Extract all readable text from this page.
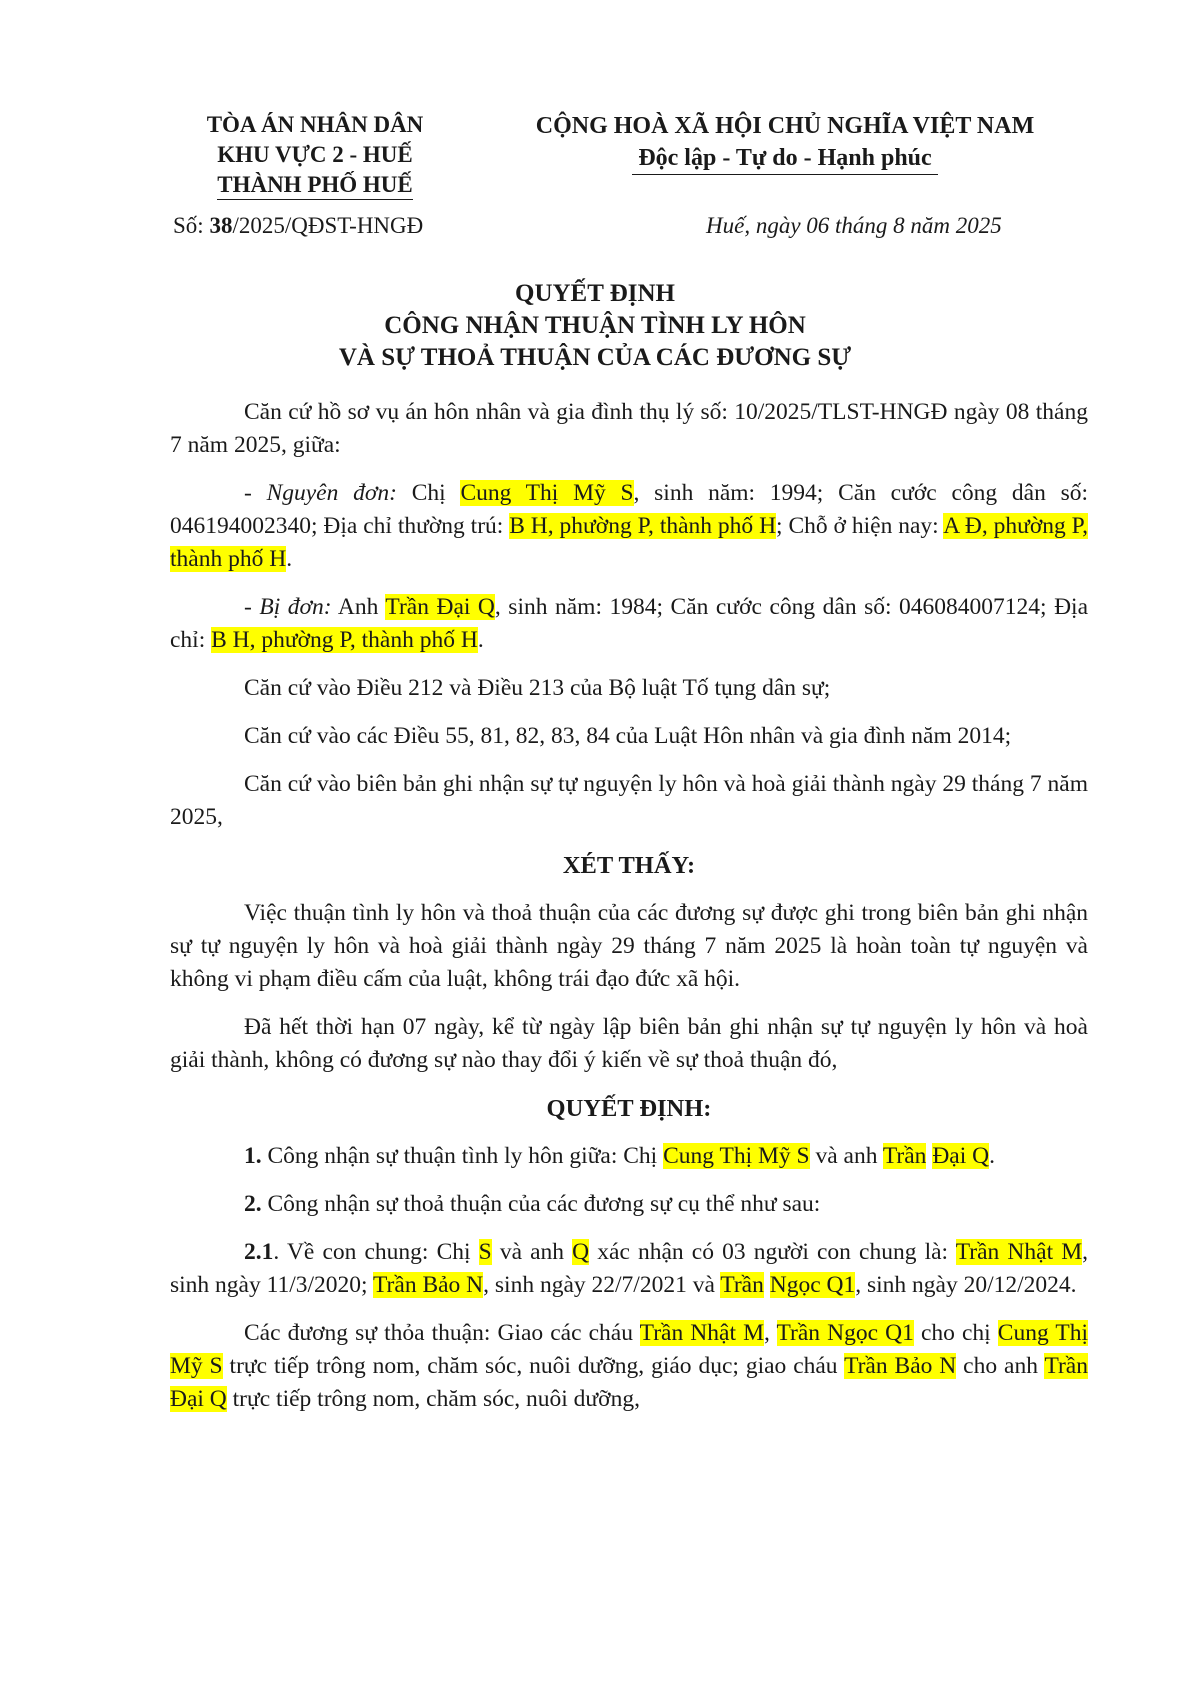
TÒA ÁN NHÂN DÂN
KHU VỰC 2 - HUẾ
THÀNH PHỐ HUẾ
CỘNG HOÀ XÃ HỘI CHỦ NGHĨA VIỆT NAM
Độc lập - Tự do - Hạnh phúc
Số: 38/2025/QĐST-HNGĐ	Huế, ngày 06 tháng 8 năm 2025
QUYẾT ĐỊNH
CÔNG NHẬN THUẬN TÌNH LY HÔN
VÀ SỰ THOẢ THUẬN CỦA CÁC ĐƯƠNG SỰ

Căn cứ hồ sơ vụ án hôn nhân và gia đình thụ lý số: 10/2025/TLST-HNGĐ ngày 08 tháng 7 năm 2025, giữa:

- Nguyên đơn: Chị Cung Thị Mỹ S, sinh năm: 1994; Căn cước công dân số: 046194002340; Địa chỉ thường trú: B H, phường P, thành phố H; Chỗ ở hiện nay: A Đ, phường P, thành phố H.

- Bị đơn: Anh Trần Đại Q, sinh năm: 1984; Căn cước công dân số: 046084007124; Địa chỉ: B H, phường P, thành phố H.

Căn cứ vào Điều 212 và Điều 213 của Bộ luật Tố tụng dân sự;

Căn cứ vào các Điều 55, 81, 82, 83, 84 của Luật Hôn nhân và gia đình năm 2014;

Căn cứ vào biên bản ghi nhận sự tự nguyện ly hôn và hoà giải thành ngày 29 tháng 7 năm 2025,

XÉT THẤY:

Việc thuận tình ly hôn và thoả thuận của các đương sự được ghi trong biên bản ghi nhận sự tự nguyện ly hôn và hoà giải thành ngày 29 tháng 7 năm 2025 là hoàn toàn tự nguyện và không vi phạm điều cấm của luật, không trái đạo đức xã hội.

Đã hết thời hạn 07 ngày, kể từ ngày lập biên bản ghi nhận sự tự nguyện ly hôn và hoà giải thành, không có đương sự nào thay đổi ý kiến về sự thoả thuận đó,

QUYẾT ĐỊNH:

1. Công nhận sự thuận tình ly hôn giữa: Chị Cung Thị Mỹ S và anh Trần Đại Q.

2. Công nhận sự thoả thuận của các đương sự cụ thể như sau:

2.1. Về con chung: Chị S và anh Q xác nhận có 03 người con chung là: Trần Nhật M, sinh ngày 11/3/2020; Trần Bảo N, sinh ngày 22/7/2021 và Trần Ngọc Q1, sinh ngày 20/12/2024.

Các đương sự thỏa thuận: Giao các cháu Trần Nhật M, Trần Ngọc Q1 cho chị Cung Thị Mỹ S trực tiếp trông nom, chăm sóc, nuôi dưỡng, giáo dục; giao cháu Trần Bảo N cho anh Trần Đại Q trực tiếp trông nom, chăm sóc, nuôi dưỡng,
